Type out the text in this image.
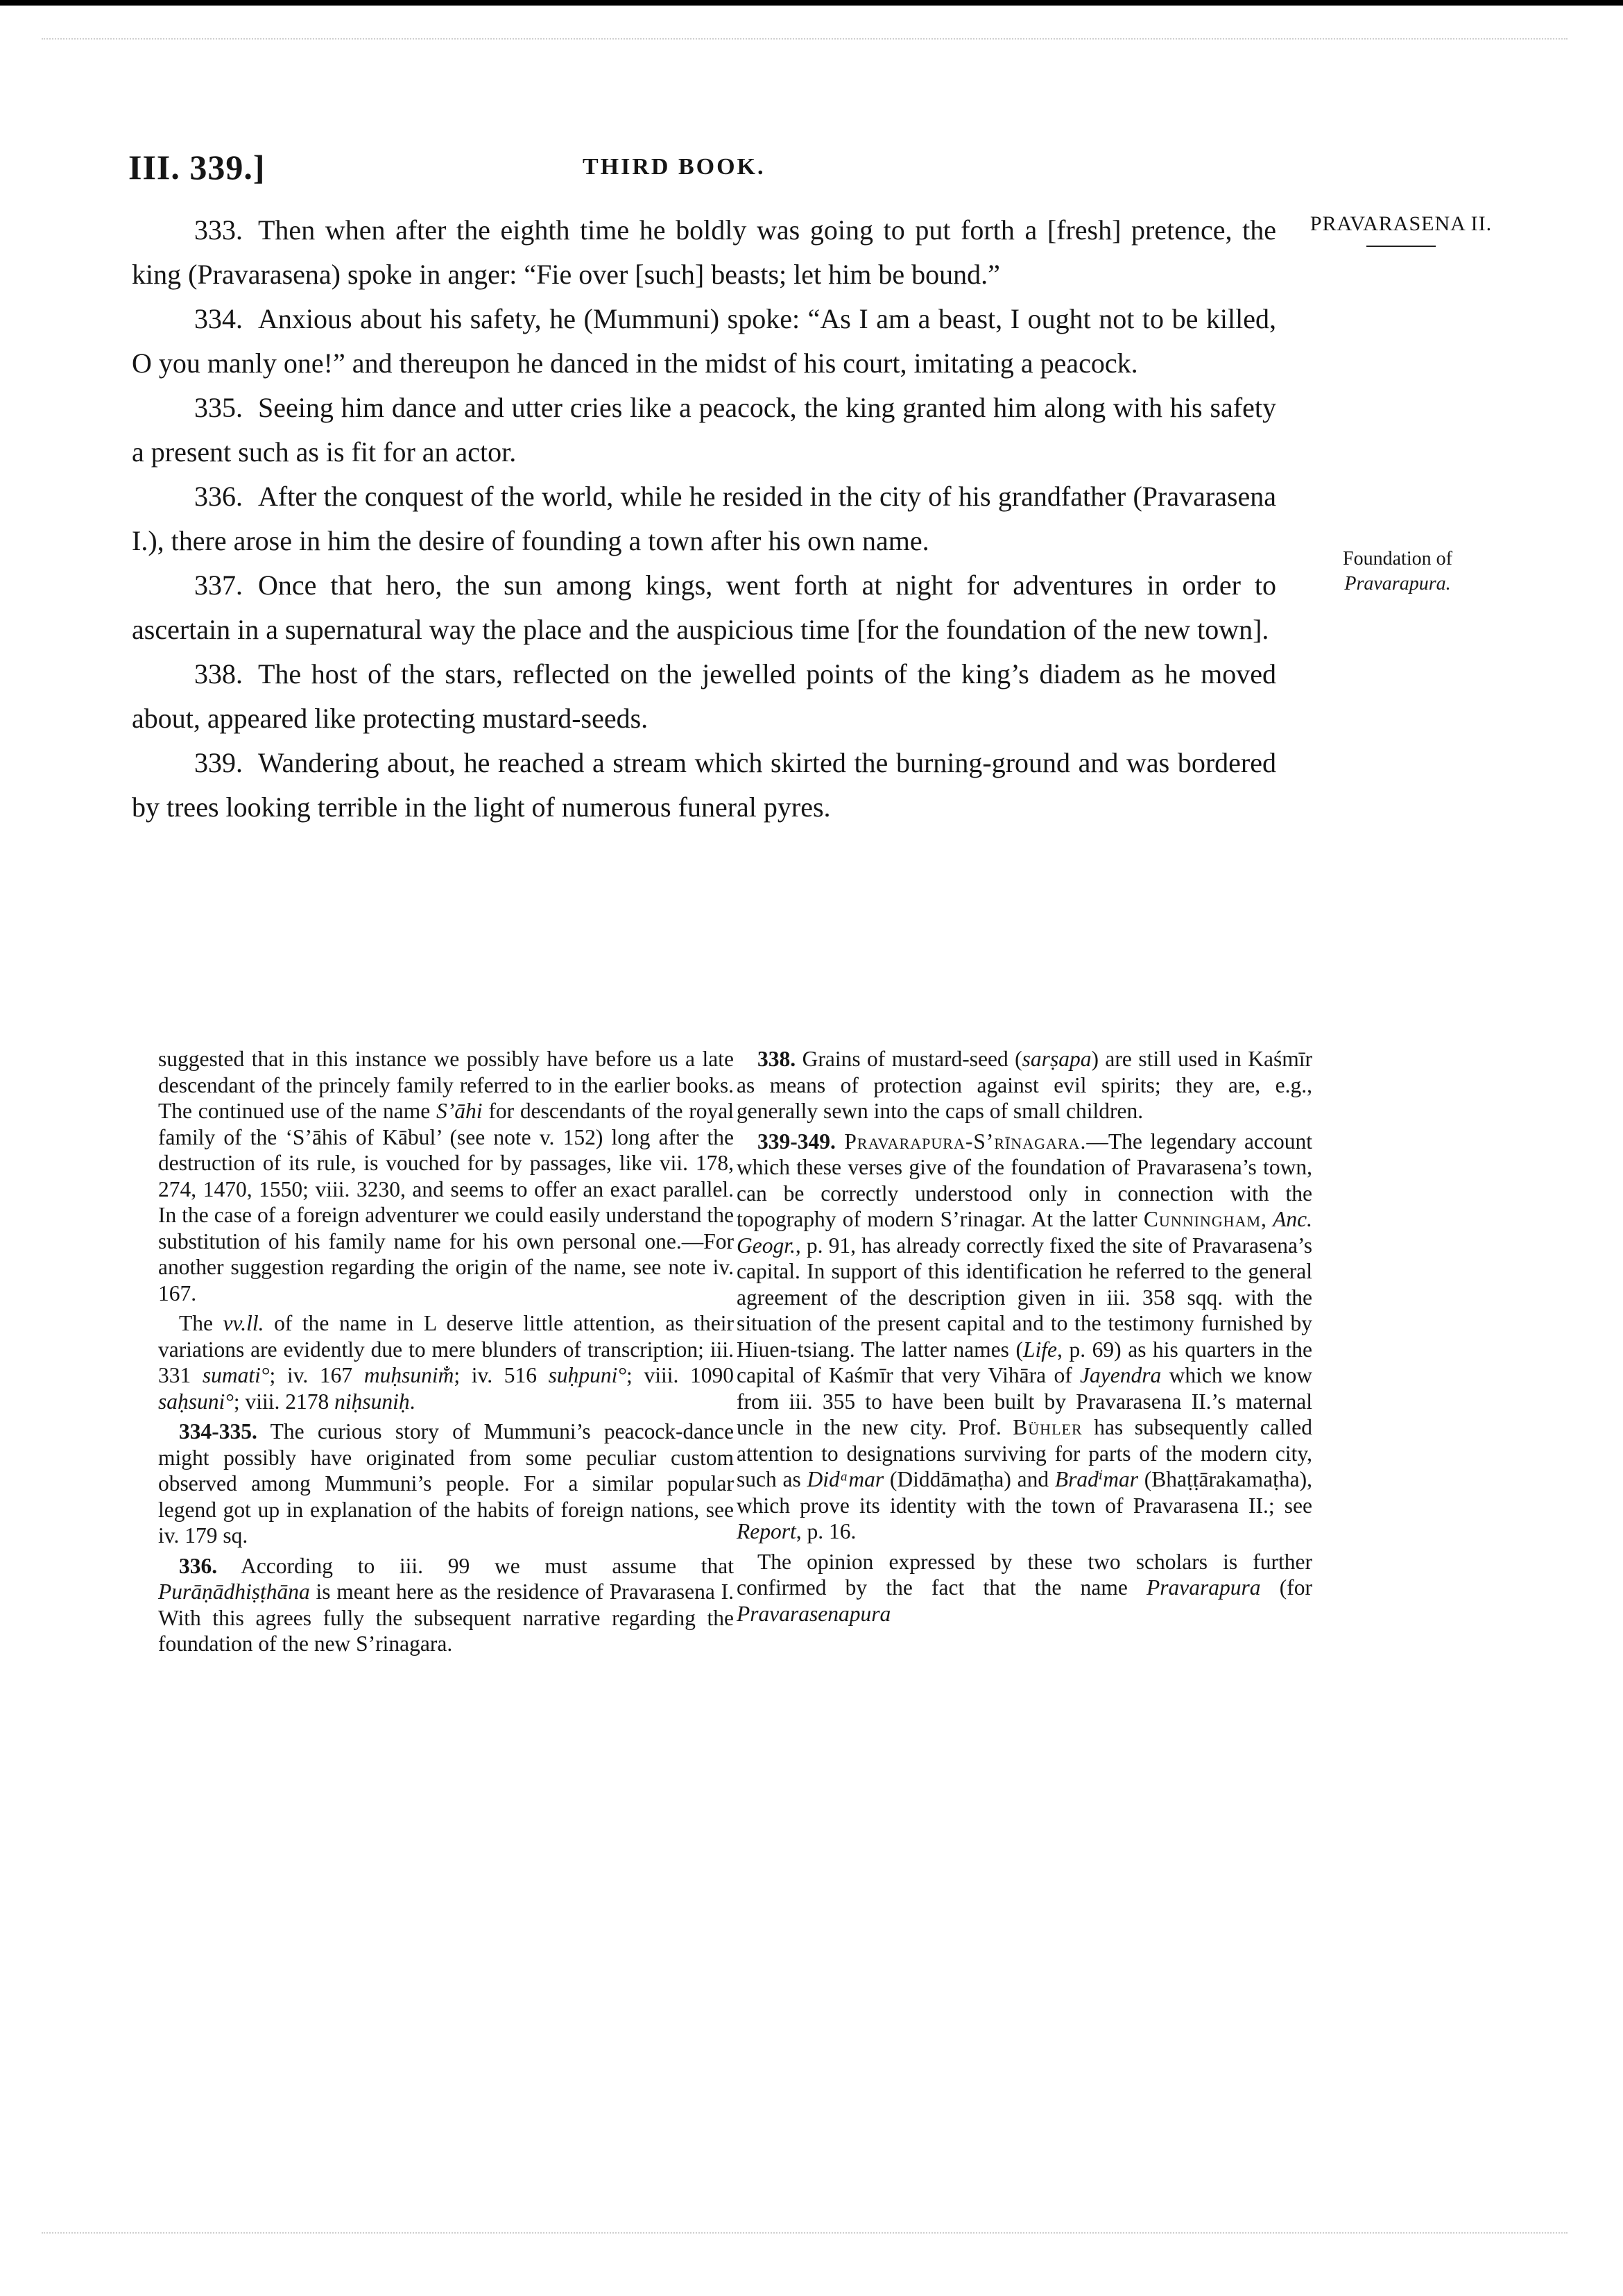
III. 339.]	THIRD BOOK.
PRAVARASENA II.
Foundation of
Pravarapura.

333. Then when after the eighth time he boldly was going to put forth a [fresh] pretence, the king (Pravarasena) spoke in anger: “Fie over [such] beasts; let him be bound.”

334. Anxious about his safety, he (Mummuni) spoke: “As I am a beast, I ought not to be killed, O you manly one!” and thereupon he danced in the midst of his court, imitating a peacock.

335. Seeing him dance and utter cries like a peacock, the king granted him along with his safety a present such as is fit for an actor.

336. After the conquest of the world, while he resided in the city of his grandfather (Pravarasena I.), there arose in him the desire of founding a town after his own name.

337. Once that hero, the sun among kings, went forth at night for adventures in order to ascertain in a supernatural way the place and the auspicious time [for the foundation of the new town].

338. The host of the stars, reflected on the jewelled points of the king’s diadem as he moved about, appeared like protecting mustard-seeds.

339. Wandering about, he reached a stream which skirted the burning-ground and was bordered by trees looking terrible in the light of numerous funeral pyres.

suggested that in this instance we possibly have before us a late descendant of the princely family referred to in the earlier books. The continued use of the name S’āhi for descendants of the royal family of the ‘S’āhis of Kābul’ (see note v. 152) long after the destruction of its rule, is vouched for by passages, like vii. 178, 274, 1470, 1550; viii. 3230, and seems to offer an exact parallel. In the case of a foreign adventurer we could easily understand the substitution of his family name for his own personal one.—For another suggestion regarding the origin of the name, see note iv. 167.

The vv.ll. of the name in L deserve little attention, as their variations are evidently due to mere blunders of transcription; iii. 331 sumati°; iv. 167 muḥsunim̐; iv. 516 suḥpuni°; viii. 1090 saḥsuni°; viii. 2178 niḥsuniḥ.

334-335. The curious story of Mummuni’s peacock-dance might possibly have originated from some peculiar custom observed among Mummuni’s people. For a similar popular legend got up in explanation of the habits of foreign nations, see iv. 179 sq.

336. According to iii. 99 we must assume that Purāṇādhiṣṭhāna is meant here as the residence of Pravarasena I. With this agrees fully the subsequent narrative regarding the foundation of the new S’rinagara.

338. Grains of mustard-seed (sarṣapa) are still used in Kaśmīr as means of protection against evil spirits; they are, e.g., generally sewn into the caps of small children.

339-349. Pravarapura-S’rīnagara.—The legendary account which these verses give of the foundation of Pravarasena’s town, can be correctly understood only in connection with the topography of modern S’rinagar. At the latter Cunningham, Anc. Geogr., p. 91, has already correctly fixed the site of Pravarasena’s capital. In support of this identification he referred to the general agreement of the description given in iii. 358 sqq. with the situation of the present capital and to the testimony furnished by Hiuen-tsiang. The latter names (Life, p. 69) as his quarters in the capital of Kaśmīr that very Vihāra of Jayendra which we know from iii. 355 to have been built by Pravarasena II.’s maternal uncle in the new city. Prof. Bühler has subsequently called attention to designations surviving for parts of the modern city, such as Didᵃmar (Diddāmaṭha) and Bradⁱmar (Bhaṭṭārakamaṭha), which prove its identity with the town of Pravarasena II.; see Report, p. 16.

The opinion expressed by these two scholars is further confirmed by the fact that the name Pravarapura (for Pravarasenapura
